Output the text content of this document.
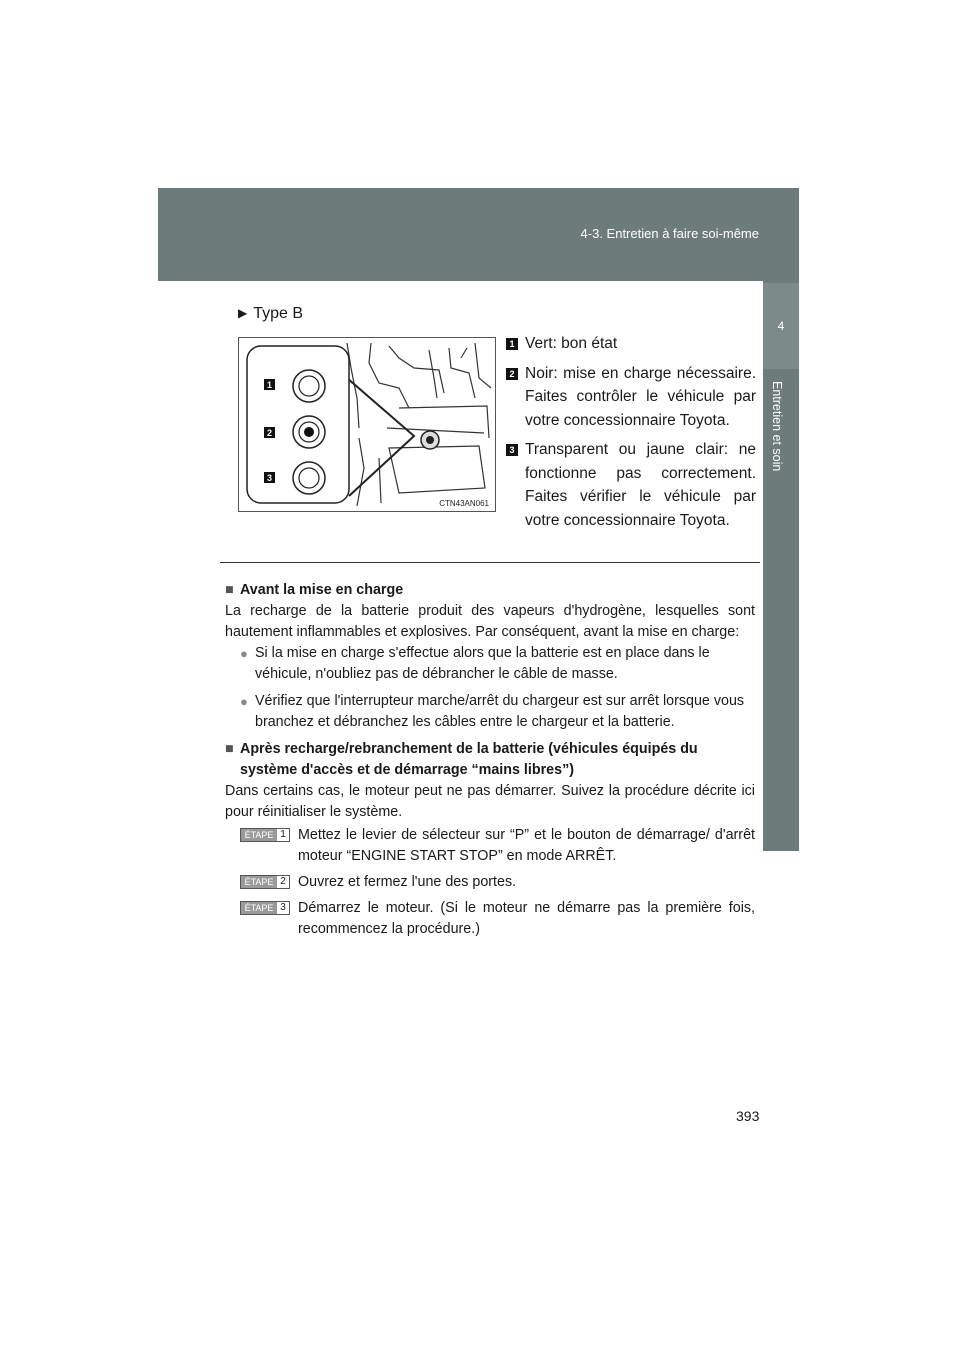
4-3. Entretien à faire soi-même
4
Entretien et soin
▶ Type B
1
2
3
CTN43AN061
1 Vert: bon état
2 Noir: mise en charge nécessaire. Faites contrôler le véhicule par votre concessionnaire Toyota.
3 Transparent ou jaune clair: ne fonctionne pas correctement. Faites vérifier le véhicule par votre concessionnaire Toyota.

■ Avant la mise en charge

La recharge de la batterie produit des vapeurs d'hydrogène, lesquelles sont hautement inflammables et explosives. Par conséquent, avant la mise en charge:

● Si la mise en charge s'effectue alors que la batterie est en place dans le véhicule, n'oubliez pas de débrancher le câble de masse.
● Vérifiez que l'interrupteur marche/arrêt du chargeur est sur arrêt lorsque vous branchez et débranchez les câbles entre le chargeur et la batterie.

■ Après recharge/rebranchement de la batterie (véhicules équipés du système d'accès et de démarrage “mains libres”)

Dans certains cas, le moteur peut ne pas démarrer. Suivez la procédure décrite ici pour réinitialiser le système.

ÉTAPE 1 Mettez le levier de sélecteur sur “P” et le bouton de démarrage/ d'arrêt moteur “ENGINE START STOP” en mode ARRÊT.
ÉTAPE 2 Ouvrez et fermez l'une des portes.
ÉTAPE 3 Démarrez le moteur. (Si le moteur ne démarre pas la première fois, recommencez la procédure.)
393
